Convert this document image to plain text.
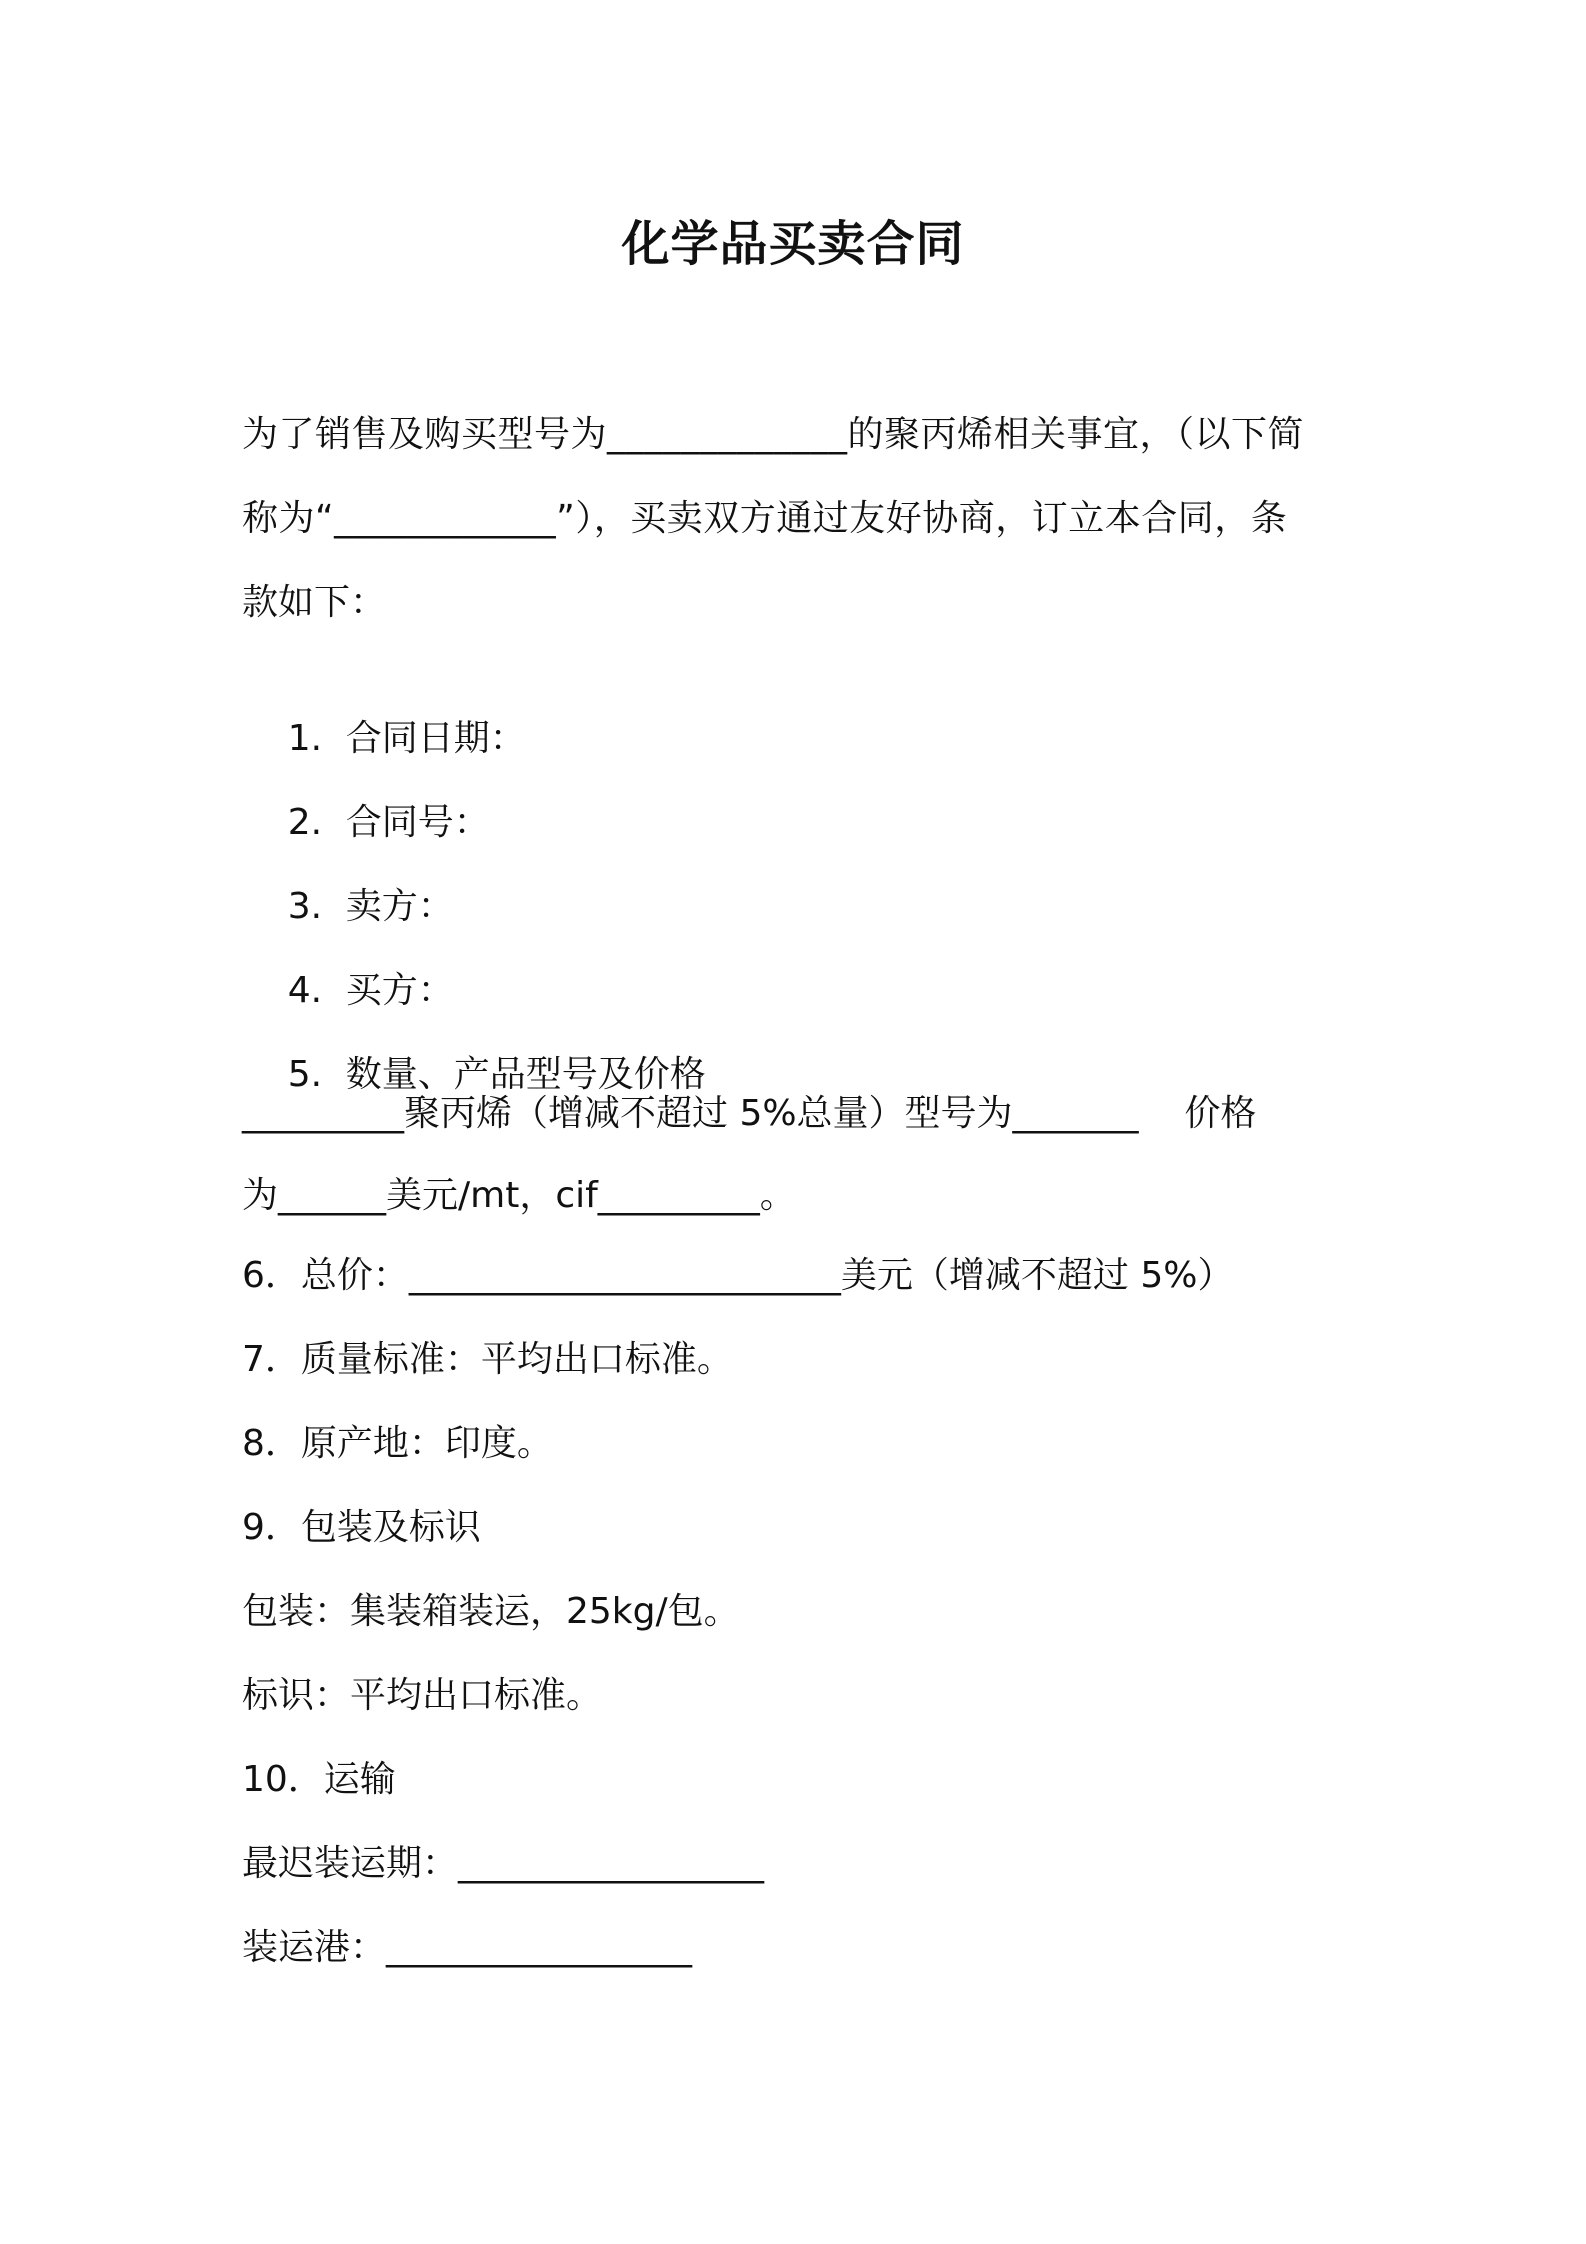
化学品买卖合同
为了销售及购买型号为_____________的聚丙烯相关事宜，（以下简
称为“____________”），买卖双方通过友好协商，订立本合同，条
款如下：

1. 合同日期：

2. 合同号：

3. 卖方：

4. 买方：

5. 数量、产品型号及价格

_________聚丙烯（增减不超过 5%总量）型号为_______    价格
为______美元/mt，cif_________。
6．总价：________________________美元（增减不超过 5%）
7．质量标准：平均出口标准。
8．原产地：印度。
9．包装及标识
包装：集装箱装运，25kg/包。
标识：平均出口标准。
10．运输
最迟装运期：_________________
装运港：_________________
